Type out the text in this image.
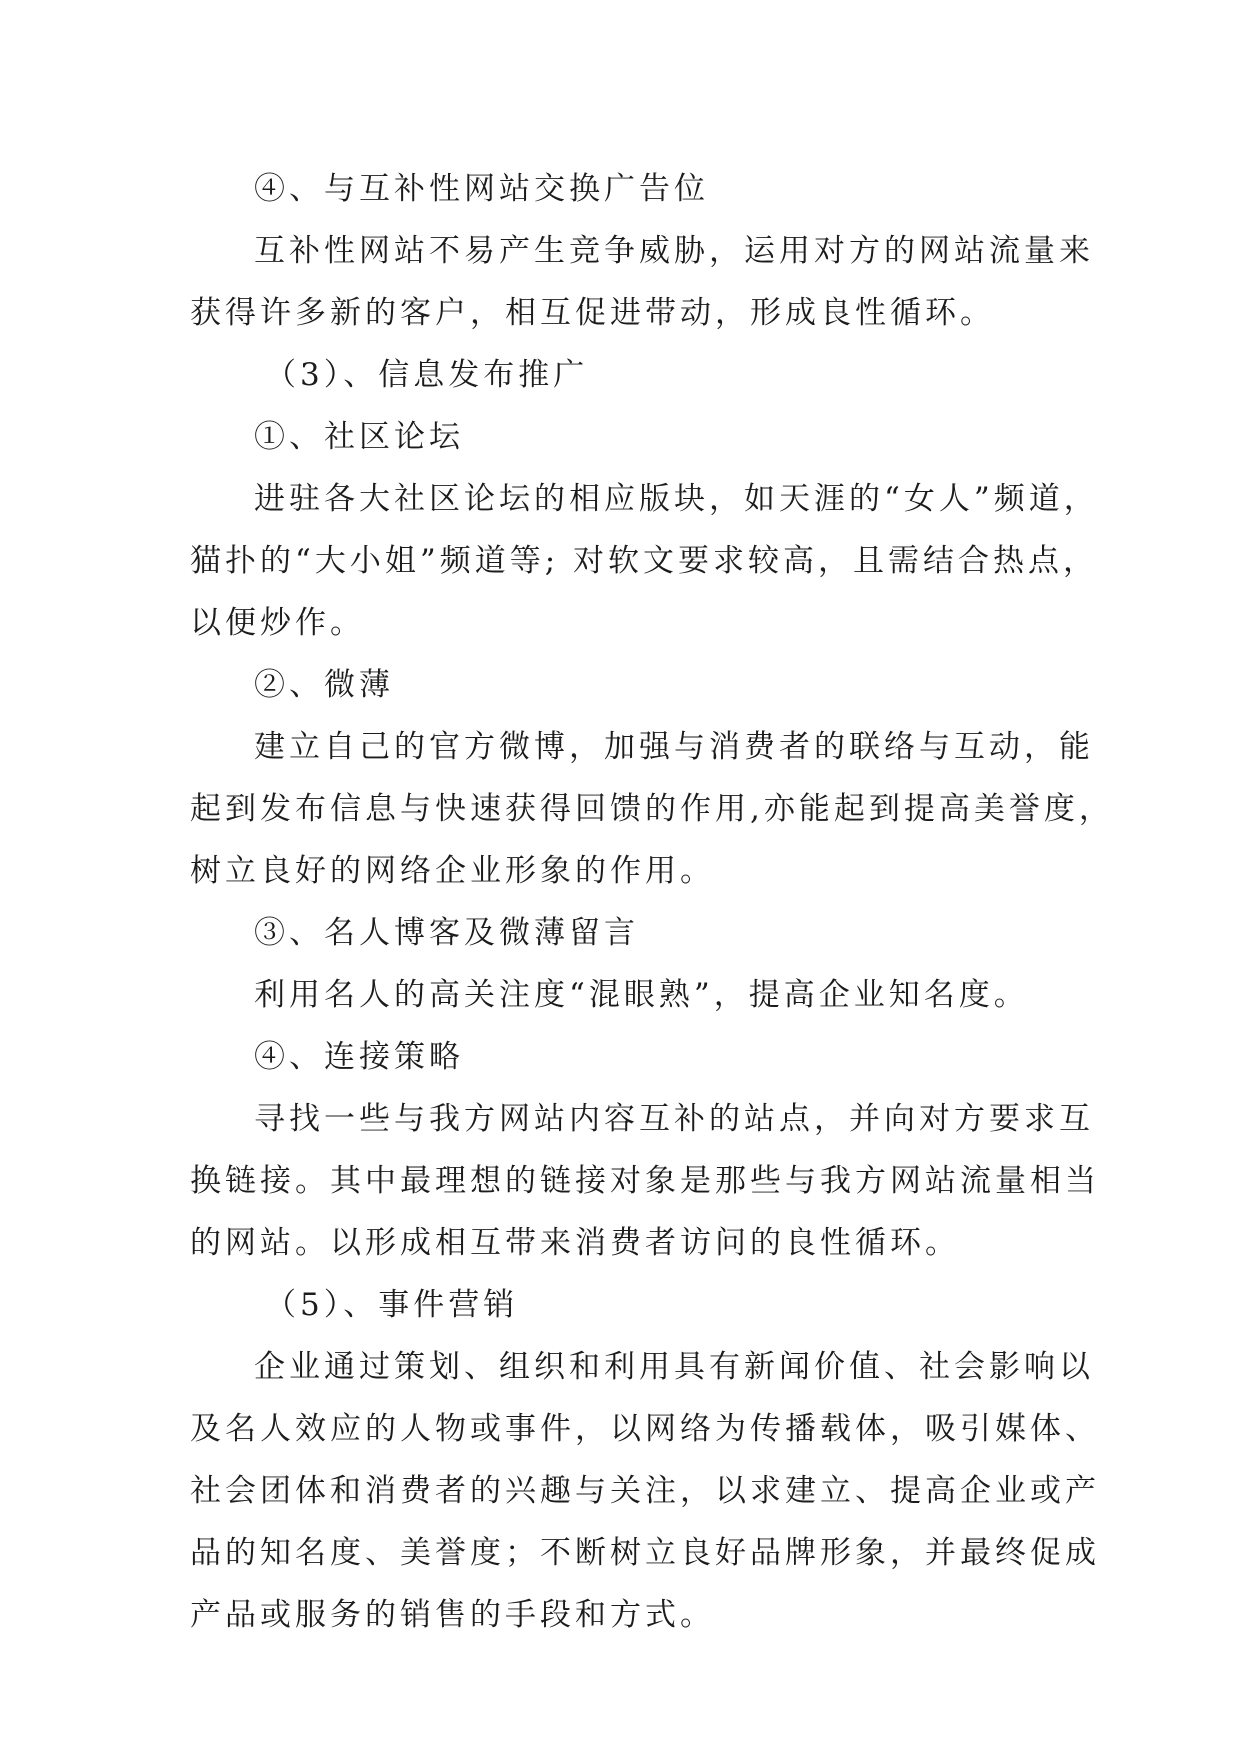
④、与互补性网站交换广告位
互补性网站不易产生竞争威胁，运用对方的网站流量来
获得许多新的客户，相互促进带动，形成良性循环。
（3）、信息发布推广
①、社区论坛
进驻各大社区论坛的相应版块，如天涯的“女人”频道，
猫扑的“大小姐”频道等; 对软文要求较高，且需结合热点，
以便炒作。
②、微薄
建立自己的官方微博，加强与消费者的联络与互动，能
起到发布信息与快速获得回馈的作用,亦能起到提高美誉度，
树立良好的网络企业形象的作用。
③、名人博客及微薄留言
利用名人的高关注度“混眼熟”，提高企业知名度。
④、连接策略
寻找一些与我方网站内容互补的站点，并向对方要求互
换链接。其中最理想的链接对象是那些与我方网站流量相当
的网站。以形成相互带来消费者访问的良性循环。
（5）、事件营销
企业通过策划、组织和利用具有新闻价值、社会影响以
及名人效应的人物或事件，以网络为传播载体，吸引媒体、
社会团体和消费者的兴趣与关注，以求建立、提高企业或产
品的知名度、美誉度；不断树立良好品牌形象，并最终促成
产品或服务的销售的手段和方式。
